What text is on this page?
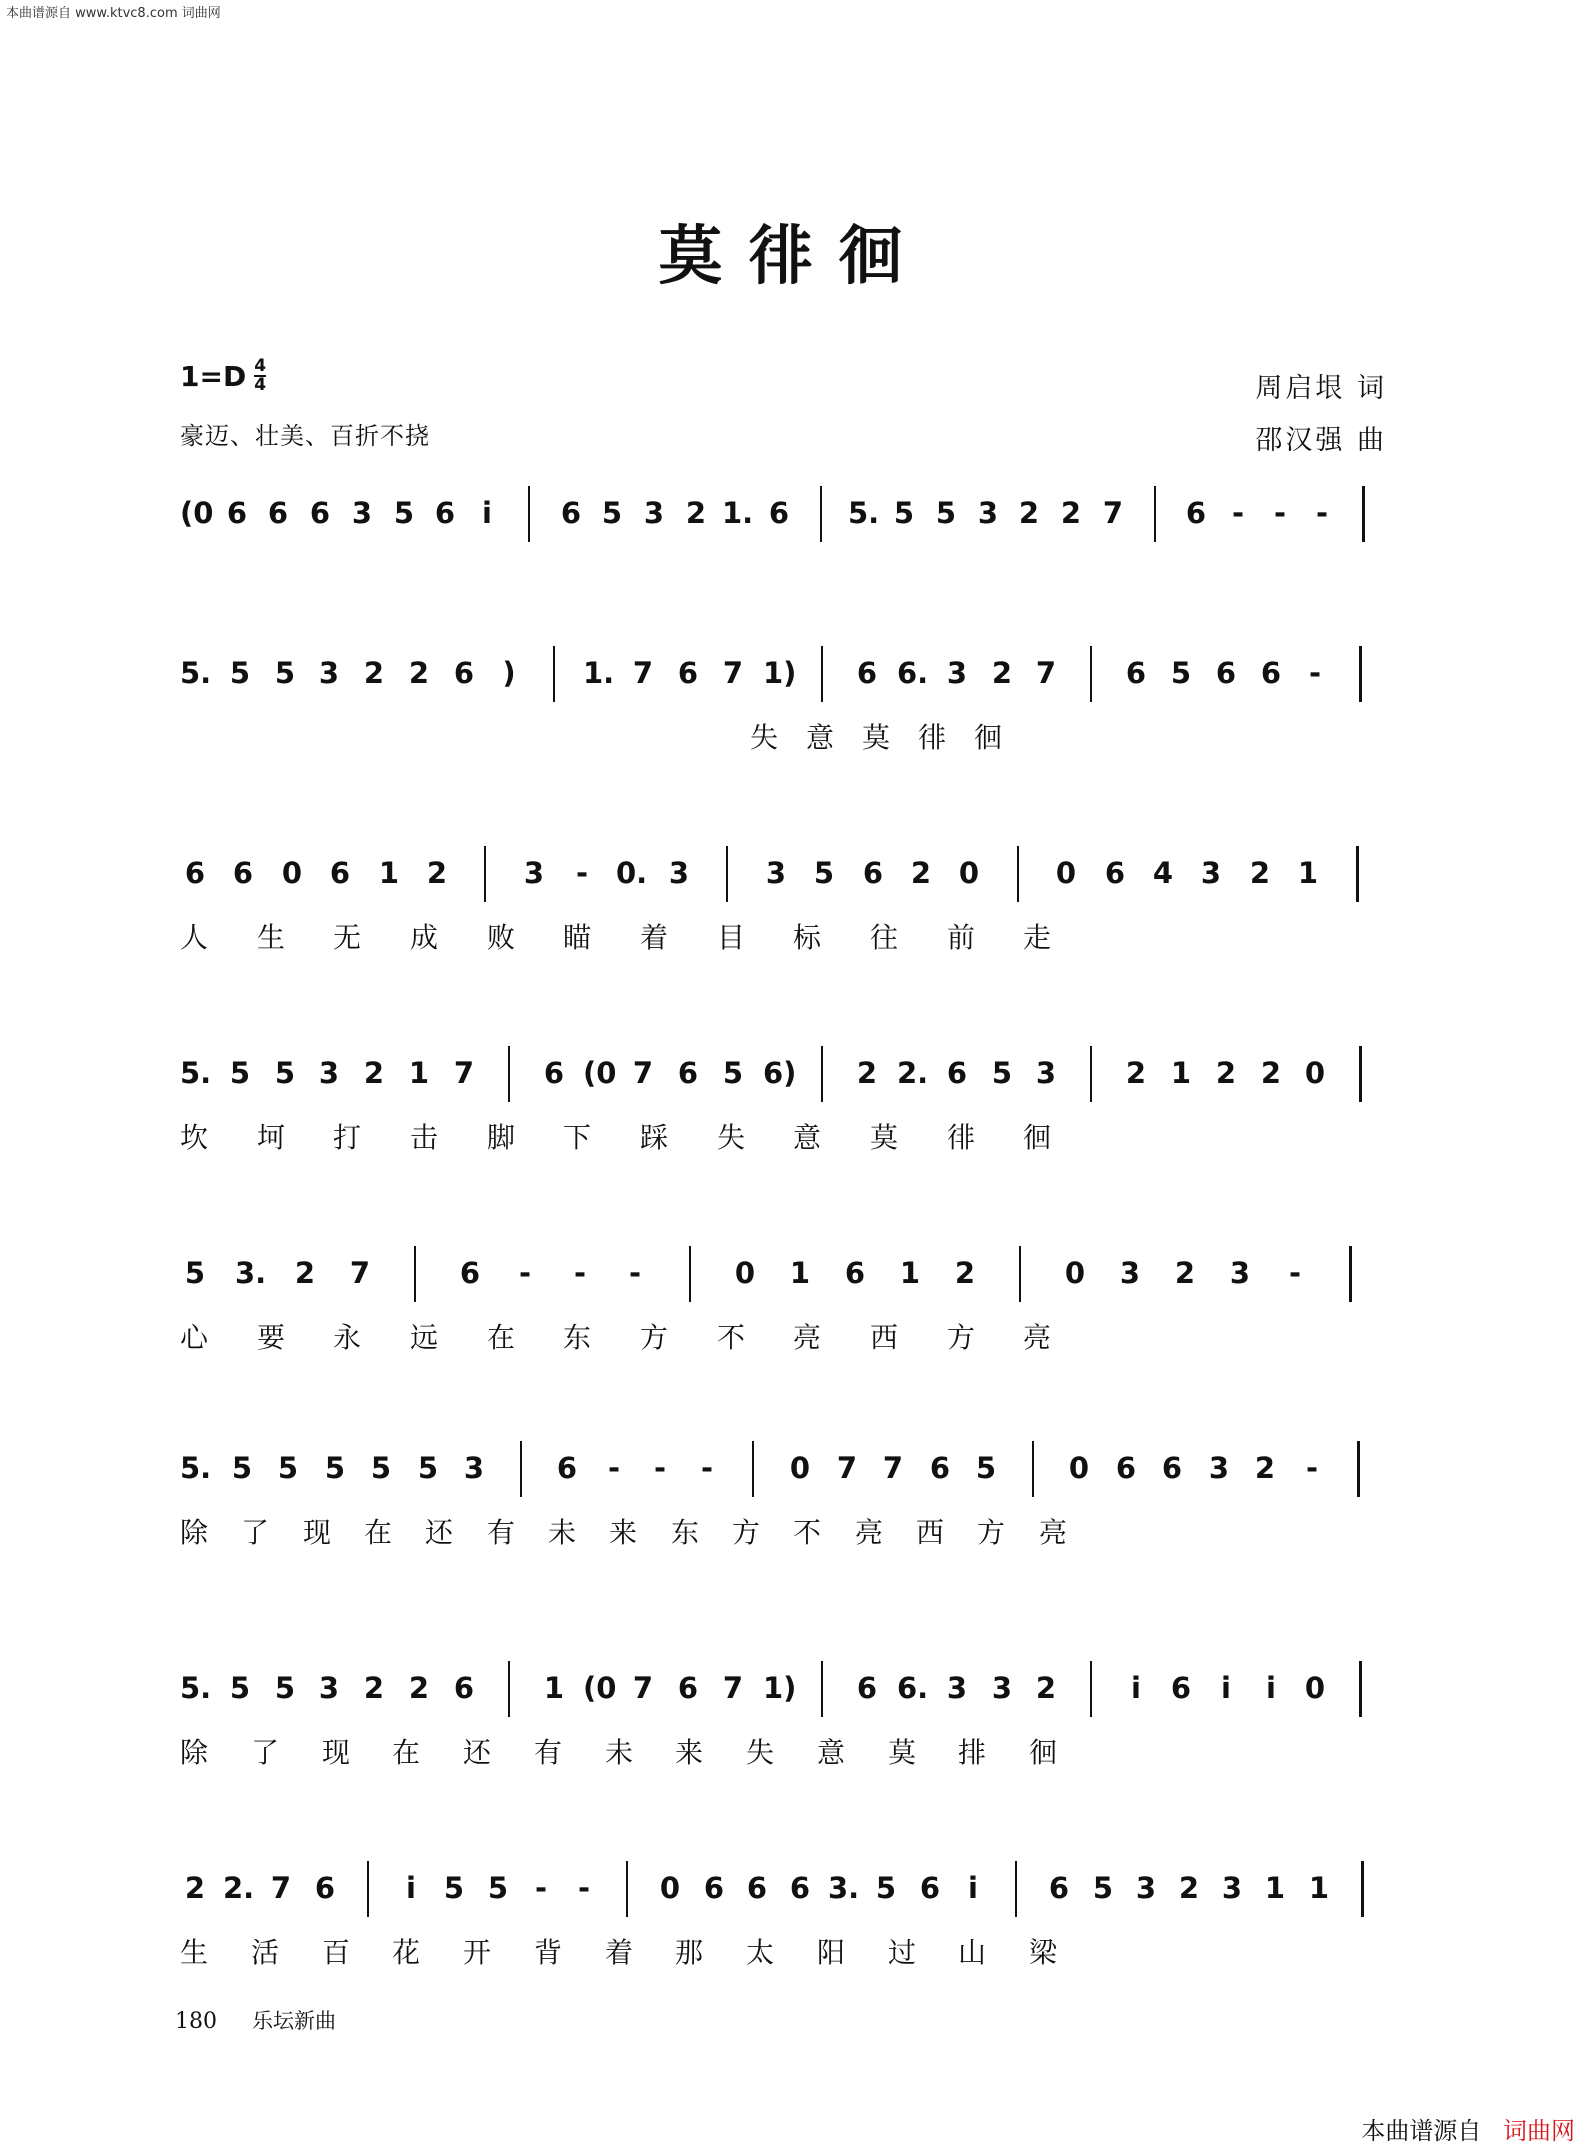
本曲谱源自 www.ktvc8.com 词曲网
莫徘徊
$1=D \frac{4}{4}$
豪迈、壮美、百折不挠
周启垠 词
邵汉强 曲
(0 6 6 6 3 5 6 i	6 5 3 2 1. 6 5. 5 5 3 2 2 7 6 -	-	-
5. 5 5 3 2 2 6 ) 1. 7 6 7 1) 6 6. 3 2 7 6 5 6 6 -
失 意 莫 徘 徊
6 6 0 6 1 2	3	- 0. 3	3 5 6 2 0	0 6 4 3 2 1
人 生 无 成 败 瞄 着 目 标 往 前 走
5. 5 5 3 2 1 7 6 (0 7 6 5 6) 2 2. 6 5 3 2 1 2 2 0
坎 坷 打 击 脚 下 踩 失 意 莫 徘 徊
5 3. 2 7	6	-	-	-	0 1 6 1 2	0 3 2 3	-
心 要 永 远 在 东 方 不 亮 西 方 亮
5. 5 5 5 5 5 3	6	-	-	-	0 7 7 6 5	0 6 6 3 2	-
除 了 现 在 还 有 未 来 东 方 不 亮 西 方 亮
5. 5 5 3 2 2 6 1 (0 7 6 7 1) 6 6. 3 3 2	i	6	i	i 0
除 了 现 在 还 有 未 来 失 意 莫 排 徊
2 2. 7 6	i 5 5 -	-	0 6 6 6 3. 5 6 i	6 5 3 2 3 1 1
生 活 百 花 开 背 着 那 太 阳 过 山 梁
180 乐坛新曲
本曲谱源自 词曲网
